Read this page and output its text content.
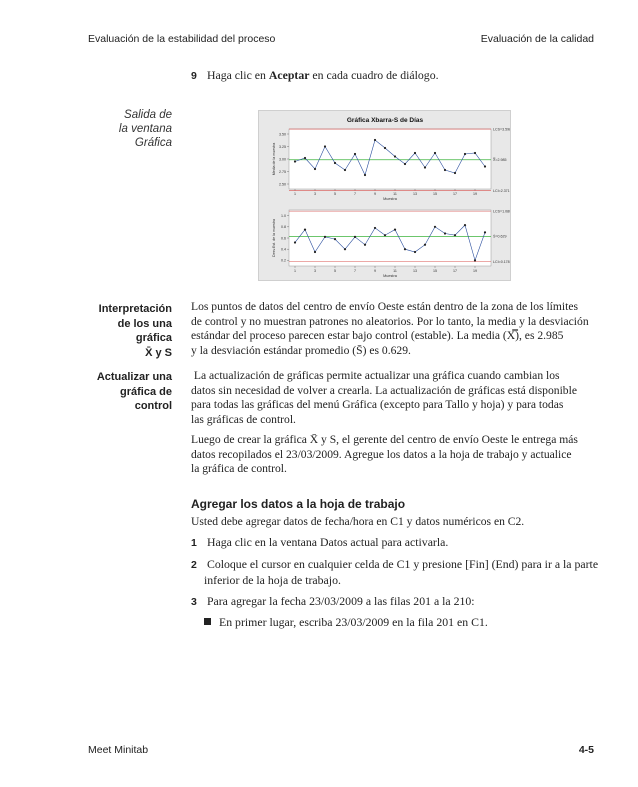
Evaluación de la estabilidad del proceso	Evaluación de la calidad
9 Haga clic en Aceptar en cada cuadro de diálogo.
Salida de
la ventana
Gráfica
Gráfica Xbarra-S de Días
3.50
3.25
3.00
2.75
2.50
1	3	5	7	9	11	13	15	17	19
Muestra
Media de la muestra
LCS=3.598
X̿=2.985
LCI=2.371
1.0
0.8
0.6
0.4
0.2
1	3	5	7	9	11	13	15	17	19
Muestra
Desv.Est. de la muestra
LCS=1.080
S̄=0.629
LCI=0.178
Interpretación
de los una
gráfica
X̄ y S
Los puntos de datos del centro de envío Oeste están dentro de la zona de los límites
de control y no muestran patrones no aleatorios. Por lo tanto, la media y la desviación
estándar del proceso parecen estar bajo control (estable). La media (X̿), es 2.985
y la desviación estándar promedio (S̄) es 0.629.
Actualizar una
gráfica de
control
La actualización de gráficas permite actualizar una gráfica cuando cambian los
datos sin necesidad de volver a crearla. La actualización de gráficas está disponible
para todas las gráficas del menú Gráfica (excepto para Tallo y hoja) y para todas
las gráficas de control.
Luego de crear la gráfica X̄ y S, el gerente del centro de envío Oeste le entrega más
datos recopilados el 23/03/2009. Agregue los datos a la hoja de trabajo y actualice
la gráfica de control.
Agregar los datos a la hoja de trabajo
Usted debe agregar datos de fecha/hora en C1 y datos numéricos en C2.
1 Haga clic en la ventana Datos actual para activarla.
2 Coloque el cursor en cualquier celda de C1 y presione [Fin] (End) para ir a la parte
inferior de la hoja de trabajo.
3 Para agregar la fecha 23/03/2009 a las filas 201 a la 210:
En primer lugar, escriba 23/03/2009 en la fila 201 en C1.
Meet Minitab	4-5
